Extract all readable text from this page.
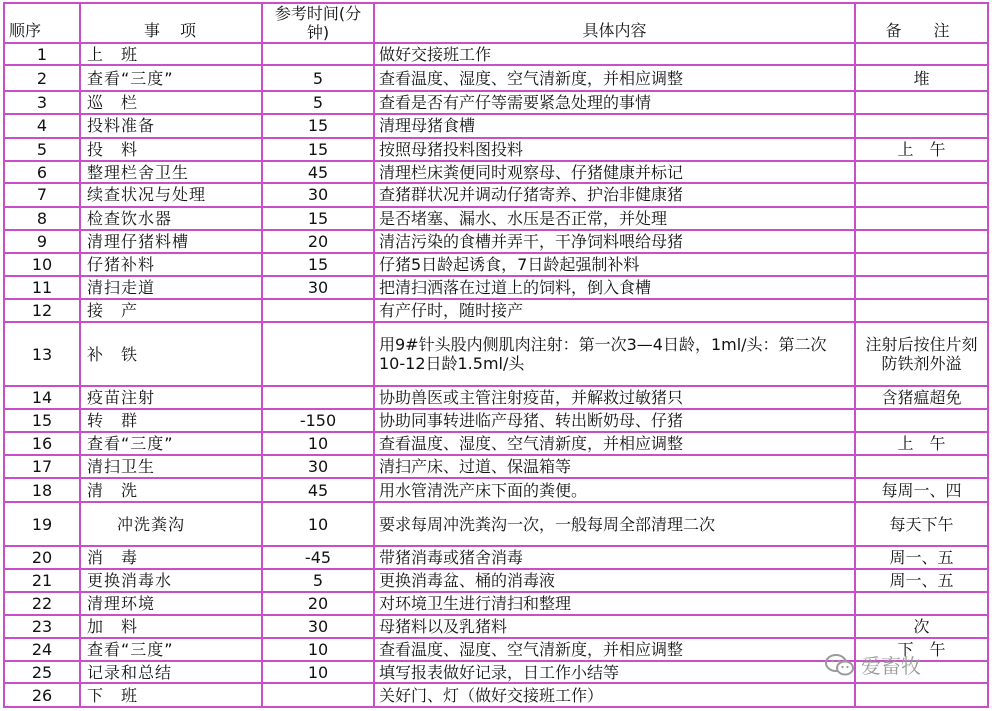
顺序	事　项	参考时间(分钟)	具体内容	备　注
1	上　班		做好交接班工作	
2	查看“三度”	5	查看温度、湿度、空气清新度，并相应调整	堆
3	巡　栏	5	查看是否有产仔等需要紧急处理的事情	
4	投料准备	15	清理母猪食槽	
5	投　料	15	按照母猪投料图投料	上　午
6	整理栏舍卫生	45	清理栏床粪便同时观察母、仔猪健康并标记	
7	续查状况与处理	30	查猪群状况并调动仔猪寄养、护治非健康猪	
8	检查饮水器	15	是否堵塞、漏水、水压是否正常，并处理	
9	清理仔猪料槽	20	清洁污染的食槽并弄干，干净饲料喂给母猪	
10	仔猪补料	15	仔猪5日龄起诱食，7日龄起强制补料	
11	清扫走道	30	把清扫洒落在过道上的饲料，倒入食槽	
12	接　产		有产仔时，随时接产	
13	补　铁		用9#针头股内侧肌肉注射：第一次3—4日龄，1ml/头：第二次10-12日龄1.5ml/头	注射后按住片刻防铁剂外溢
14	疫苗注射		协助兽医或主管注射疫苗，并解救过敏猪只	含猪瘟超免
15	转　群	-150	协助同事转进临产母猪、转出断奶母、仔猪	
16	查看“三度”	10	查看温度、湿度、空气清新度，并相应调整	上　午
17	清扫卫生	30	清扫产床、过道、保温箱等	
18	清　洗	45	用水管清洗产床下面的粪便。	每周一、四
19	冲洗粪沟	10	要求每周冲洗粪沟一次，一般每周全部清理二次	每天下午
20	消　毒	-45	带猪消毒或猪舍消毒	周一、五
21	更换消毒水	5	更换消毒盆、桶的消毒液	周一、五
22	清理环境	20	对环境卫生进行清扫和整理	
23	加　料	30	母猪料以及乳猪料	次
24	查看“三度”	10	查看温度、湿度、空气清新度，并相应调整	下　午
25	记录和总结	10	填写报表做好记录，日工作小结等	
26	下　班		关好门、灯（做好交接班工作）	
爱畜牧
